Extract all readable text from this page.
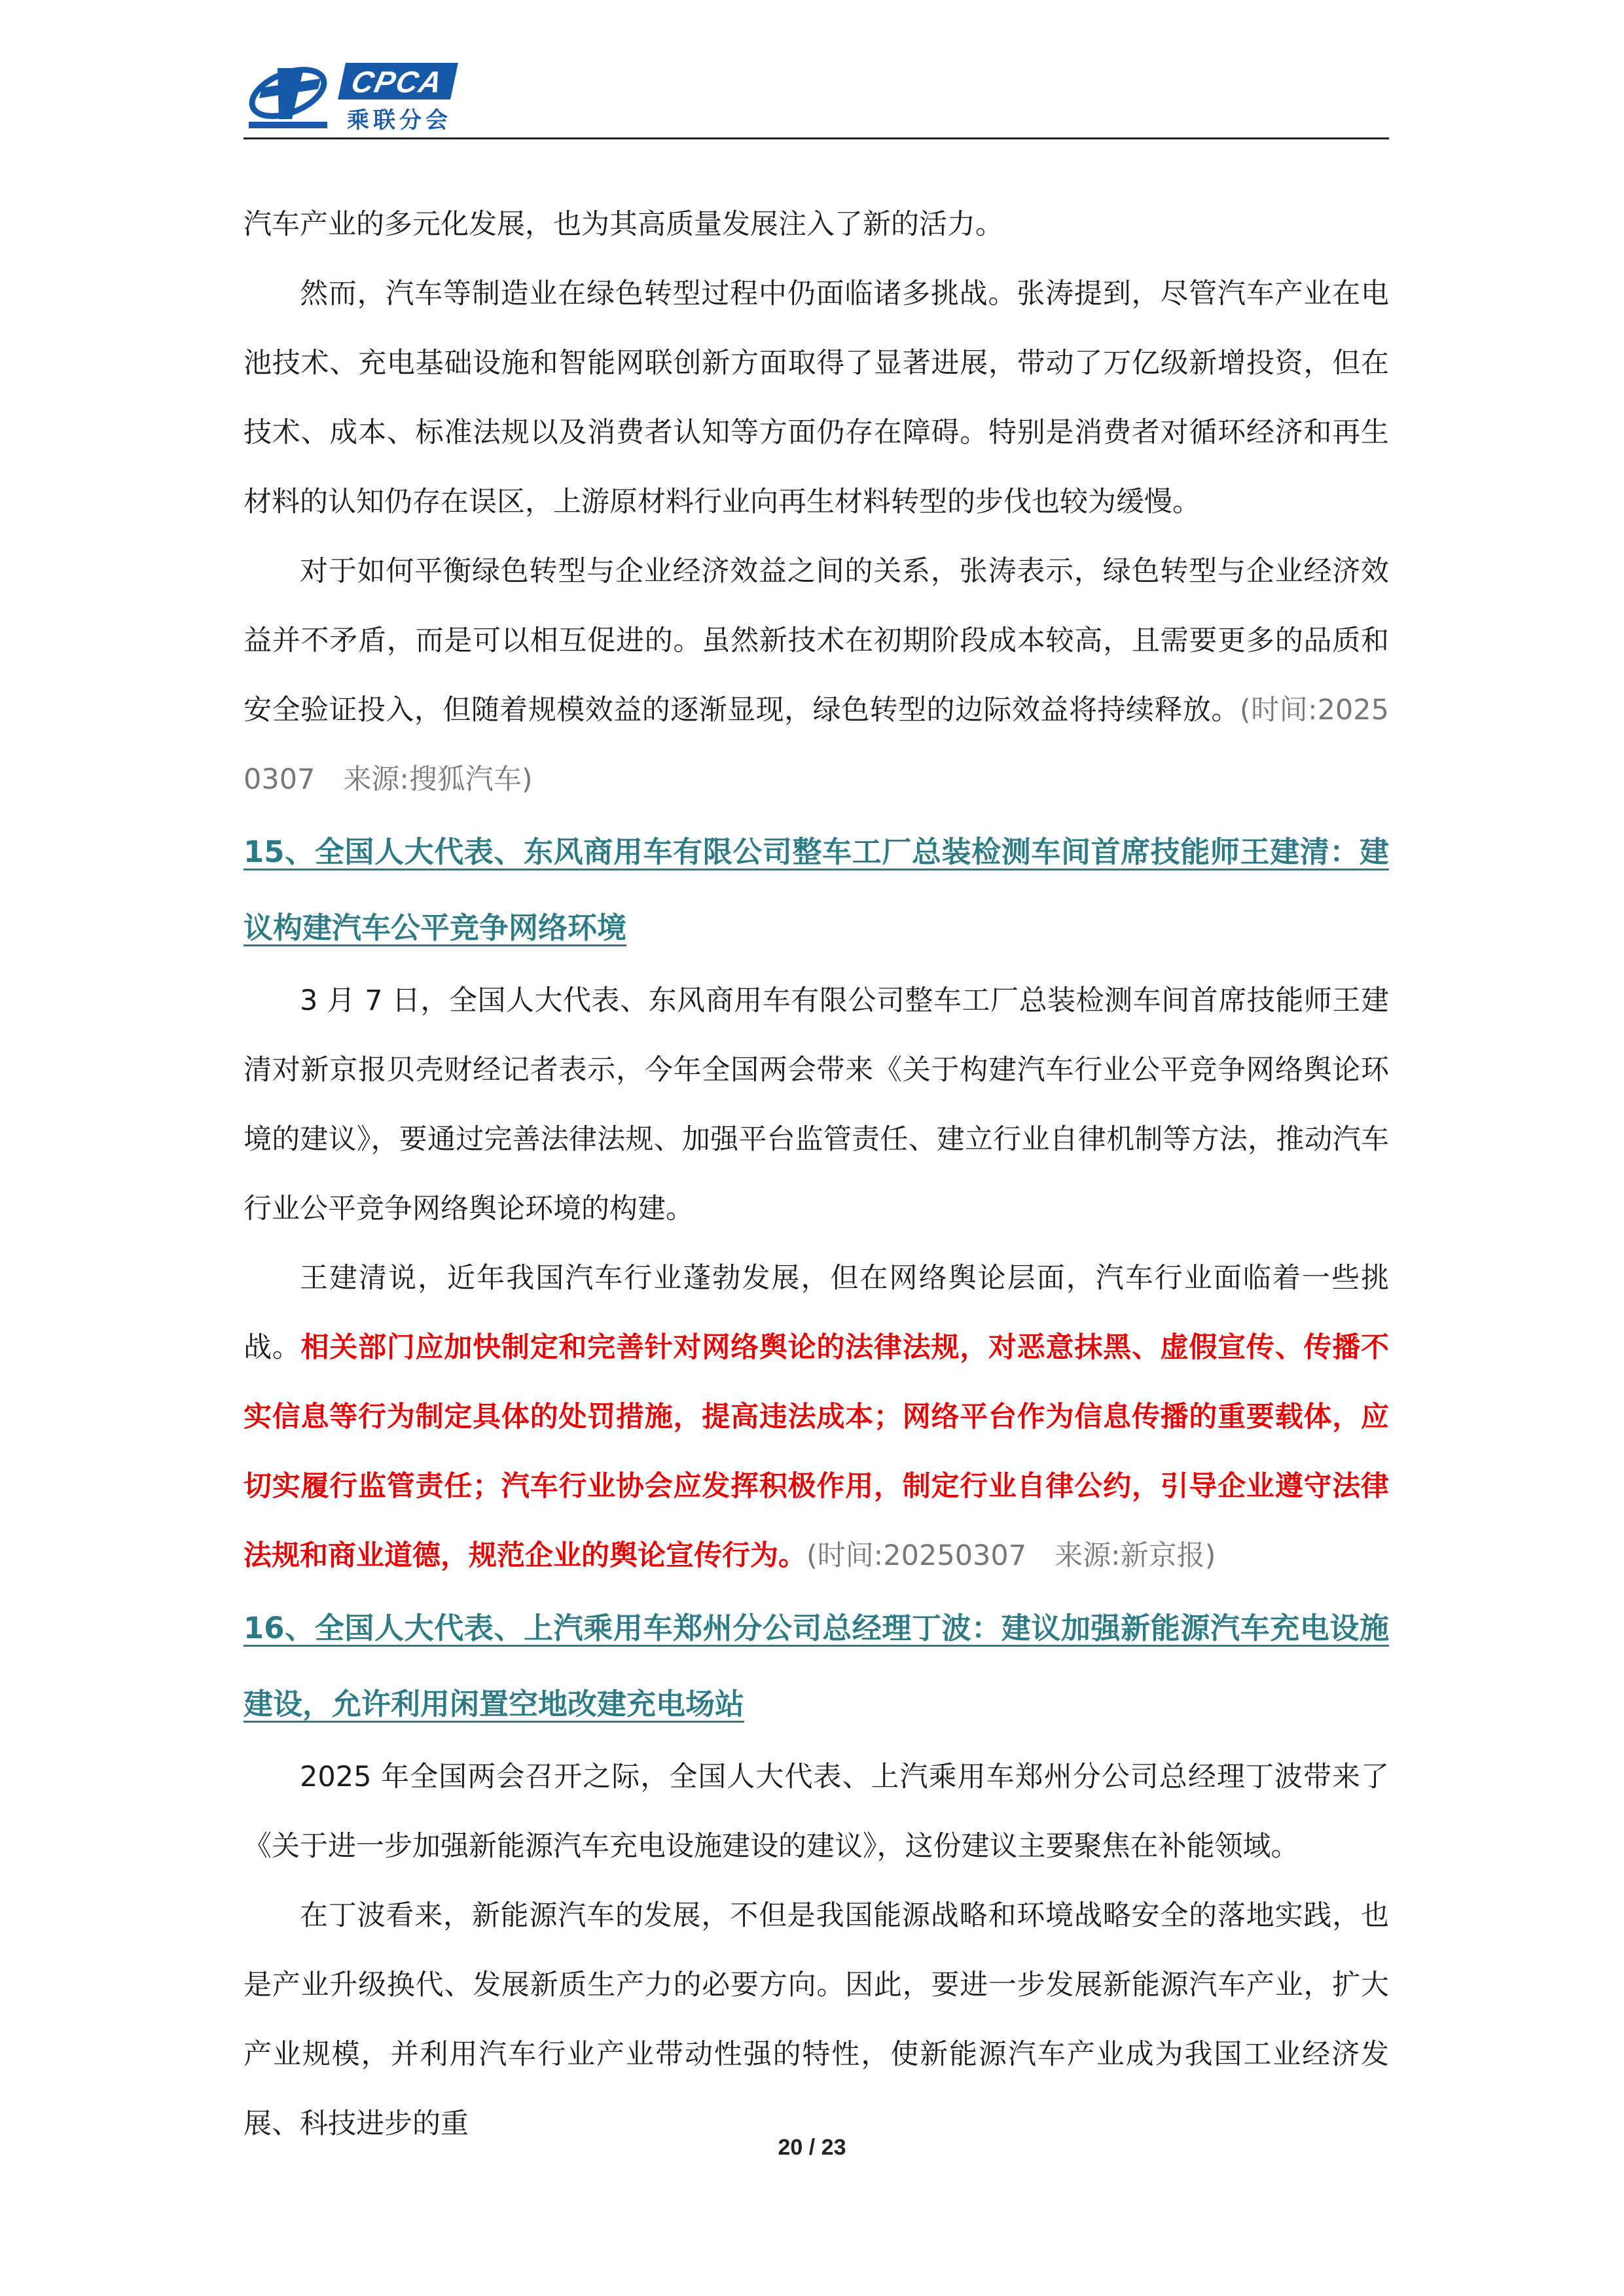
CPCA
乘联分会

汽车产业的多元化发展，也为其高质量发展注入了新的活力。

然而，汽车等制造业在绿色转型过程中仍面临诸多挑战。张涛提到，尽管汽车产业在电池技术、充电基础设施和智能网联创新方面取得了显著进展，带动了万亿级新增投资，但在技术、成本、标准法规以及消费者认知等方面仍存在障碍。特别是消费者对循环经济和再生材料的认知仍存在误区，上游原材料行业向再生材料转型的步伐也较为缓慢。

对于如何平衡绿色转型与企业经济效益之间的关系，张涛表示，绿色转型与企业经济效益并不矛盾，而是可以相互促进的。虽然新技术在初期阶段成本较高，且需要更多的品质和安全验证投入，但随着规模效益的逐渐显现，绿色转型的边际效益将持续释放。(时间:20250307　来源:搜狐汽车)

15、全国人大代表、东风商用车有限公司整车工厂总装检测车间首席技能师王建清：建议构建汽车公平竞争网络环境

3 月 7 日，全国人大代表、东风商用车有限公司整车工厂总装检测车间首席技能师王建清对新京报贝壳财经记者表示，今年全国两会带来《关于构建汽车行业公平竞争网络舆论环境的建议》，要通过完善法律法规、加强平台监管责任、建立行业自律机制等方法，推动汽车行业公平竞争网络舆论环境的构建。

王建清说，近年我国汽车行业蓬勃发展，但在网络舆论层面，汽车行业面临着一些挑战。相关部门应加快制定和完善针对网络舆论的法律法规，对恶意抹黑、虚假宣传、传播不实信息等行为制定具体的处罚措施，提高违法成本；网络平台作为信息传播的重要载体，应切实履行监管责任；汽车行业协会应发挥积极作用，制定行业自律公约，引导企业遵守法律法规和商业道德，规范企业的舆论宣传行为。(时间:20250307　来源:新京报)

16、全国人大代表、上汽乘用车郑州分公司总经理丁波：建议加强新能源汽车充电设施建设，允许利用闲置空地改建充电场站

2025 年全国两会召开之际，全国人大代表、上汽乘用车郑州分公司总经理丁波带来了《关于进一步加强新能源汽车充电设施建设的建议》，这份建议主要聚焦在补能领域。

在丁波看来，新能源汽车的发展，不但是我国能源战略和环境战略安全的落地实践，也是产业升级换代、发展新质生产力的必要方向。因此，要进一步发展新能源汽车产业，扩大产业规模，并利用汽车行业产业带动性强的特性，使新能源汽车产业成为我国工业经济发展、科技进步的重

20 / 23
